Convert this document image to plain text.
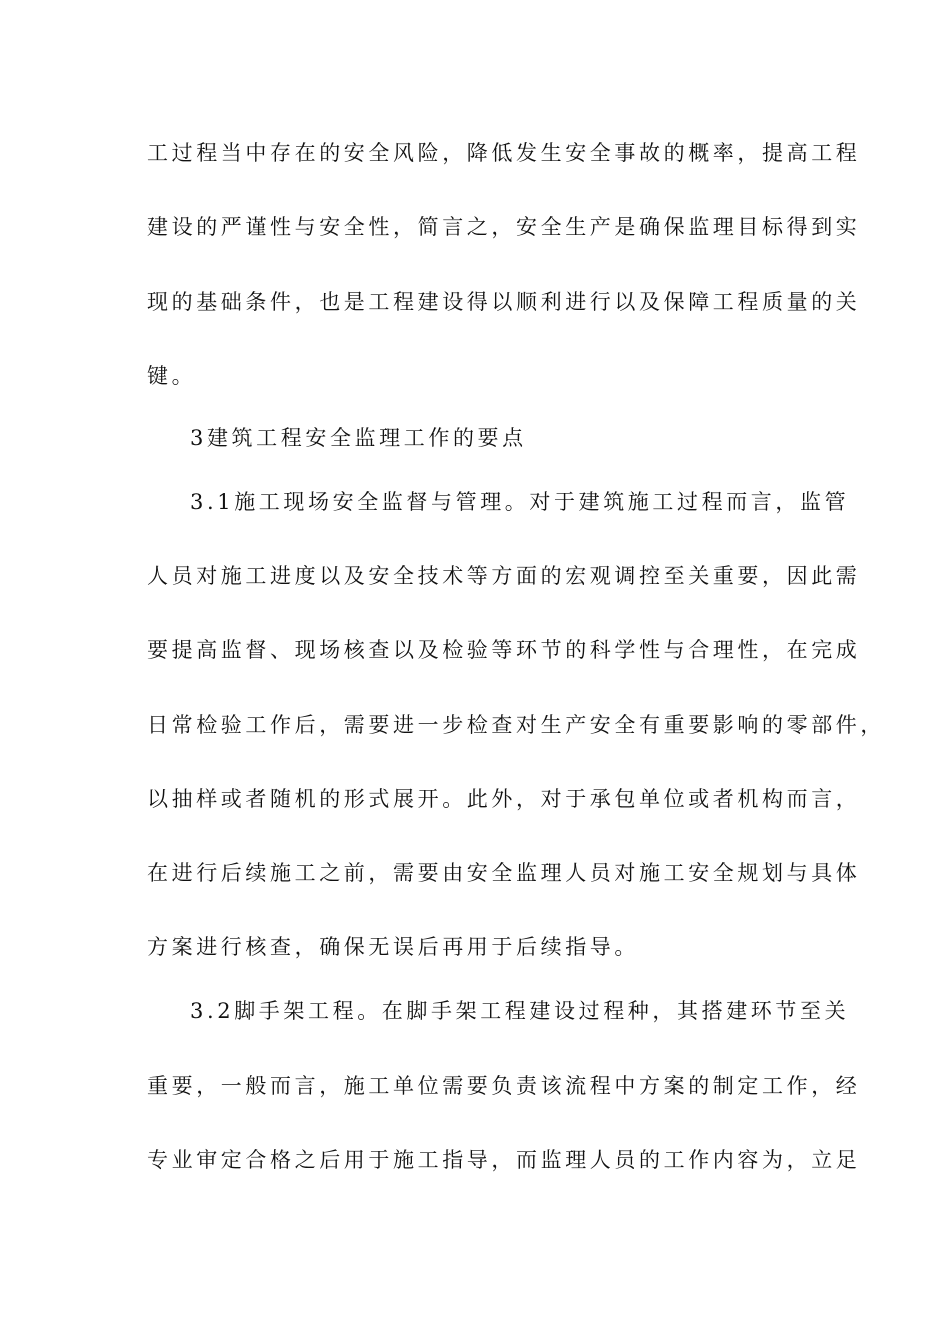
工过程当中存在的安全风险，降低发生安全事故的概率，提高工程
建设的严谨性与安全性，简言之，安全生产是确保监理目标得到实
现的基础条件，也是工程建设得以顺利进行以及保障工程质量的关
键。
3建筑工程安全监理工作的要点
3.1施工现场安全监督与管理。对于建筑施工过程而言，监管
人员对施工进度以及安全技术等方面的宏观调控至关重要，因此需
要提高监督、现场核查以及检验等环节的科学性与合理性，在完成
日常检验工作后，需要进一步检查对生产安全有重要影响的零部件，
以抽样或者随机的形式展开。此外，对于承包单位或者机构而言，
在进行后续施工之前，需要由安全监理人员对施工安全规划与具体
方案进行核查，确保无误后再用于后续指导。
3.2脚手架工程。在脚手架工程建设过程种，其搭建环节至关
重要，一般而言，施工单位需要负责该流程中方案的制定工作，经
专业审定合格之后用于施工指导，而监理人员的工作内容为，立足
